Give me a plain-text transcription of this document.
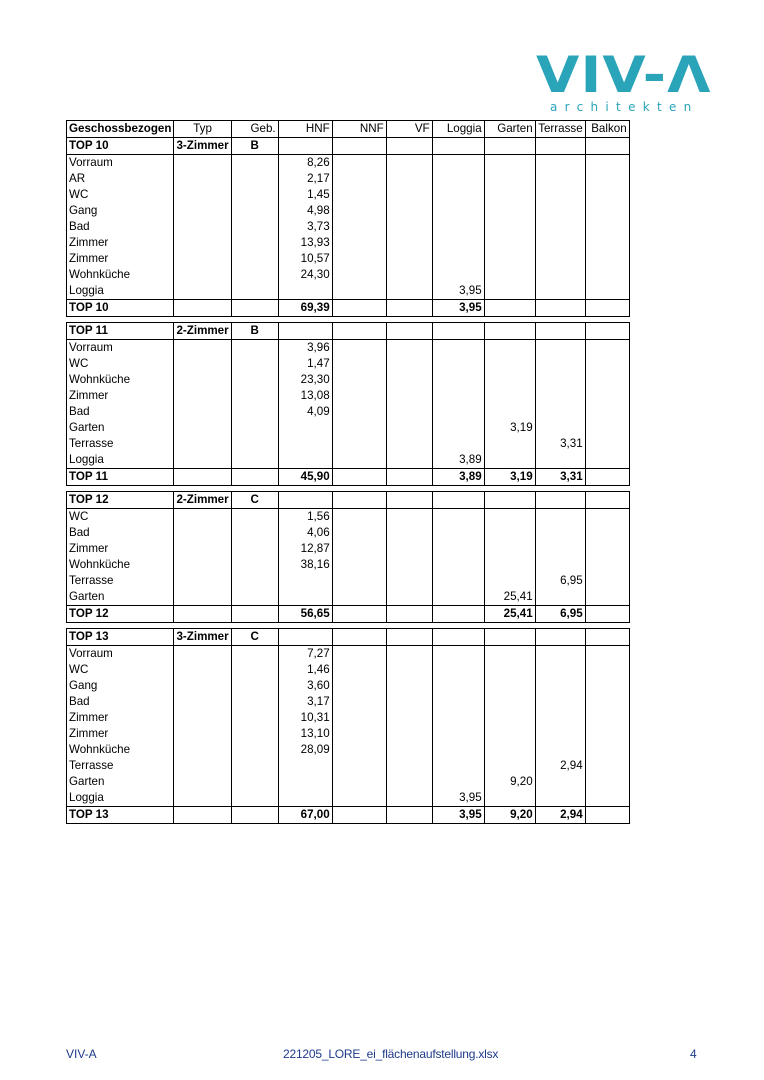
VIV-Λ
architekten
Geschossbezogen	Typ	Geb.	HNF	NNF	VF	Loggia	Garten	Terrasse	Balkon
TOP 10	3-Zimmer	B							
Vorraum			8,26						
AR			2,17						
WC			1,45						
Gang			4,98						
Bad			3,73						
Zimmer			13,93						
Zimmer			10,57						
Wohnküche			24,30						
Loggia						3,95			
TOP 10			69,39			3,95			

TOP 11	2-Zimmer	B							
Vorraum			3,96						
WC			1,47						
Wohnküche			23,30						
Zimmer			13,08						
Bad			4,09						
Garten							3,19		
Terrasse								3,31	
Loggia						3,89			
TOP 11			45,90			3,89	3,19	3,31	

TOP 12	2-Zimmer	C							
WC			1,56						
Bad			4,06						
Zimmer			12,87						
Wohnküche			38,16						
Terrasse								6,95	
Garten							25,41		
TOP 12			56,65				25,41	6,95	

TOP 13	3-Zimmer	C							
Vorraum			7,27						
WC			1,46						
Gang			3,60						
Bad			3,17						
Zimmer			10,31						
Zimmer			13,10						
Wohnküche			28,09						
Terrasse								2,94	
Garten							9,20		
Loggia						3,95			
TOP 13			67,00			3,95	9,20	2,94	
VIV-A	221205_LORE_ei_flächenaufstellung.xlsx	4
